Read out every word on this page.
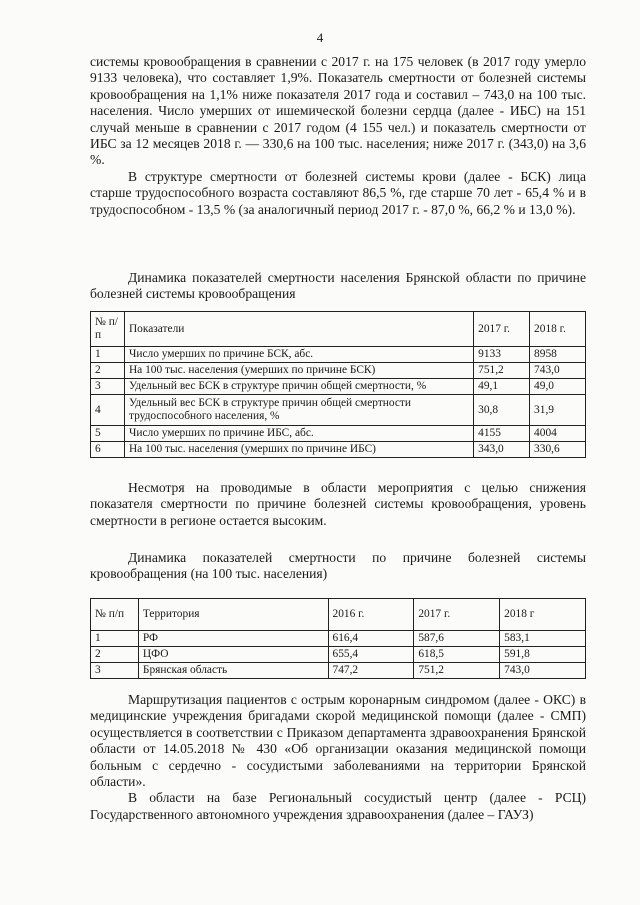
4

системы кровообращения в сравнении с 2017 г. на 175 человек (в 2017 году умерло 9133 человека), что составляет 1,9%. Показатель смертности от болезней системы кровообращения на 1,1% ниже показателя 2017 года и составил – 743,0 на 100 тыс. населения. Число умерших от ишемической болезни сердца (далее - ИБС) на 151 случай меньше в сравнении с 2017 годом (4 155 чел.) и показатель смертности от ИБС за 12 месяцев 2018 г. — 330,6 на 100 тыс. населения; ниже 2017 г. (343,0) на 3,6 %.

В структуре смертности от болезней системы крови (далее - БСК) лица старше трудоспособного возраста составляют 86,5 %, где старше 70 лет - 65,4 % и в трудоспособном - 13,5 % (за аналогичный период 2017 г. - 87,0 %, 66,2 % и 13,0 %).

Динамика показателей смертности населения Брянской области по причине болезней системы кровообращения

№ п/п	Показатели	2017 г.	2018 г.
1	Число умерших по причине БСК, абс.	9133	8958
2	На 100 тыс. населения (умерших по причине БСК)	751,2	743,0
3	Удельный вес БСК в структуре причин общей смертности, %	49,1	49,0
4	Удельный вес БСК в структуре причин общей смертности трудоспособного населения, %	30,8	31,9
5	Число умерших по причине ИБС, абс.	4155	4004
6	На 100 тыс. населения (умерших по причине ИБС)	343,0	330,6

Несмотря на проводимые в области мероприятия с целью снижения показателя смертности по причине болезней системы кровообращения, уровень смертности в регионе остается высоким.

Динамика показателей смертности по причине болезней системы кровообращения (на 100 тыс. населения)

№ п/п	Территория	2016 г.	2017 г.	2018 г
1	РФ	616,4	587,6	583,1
2	ЦФО	655,4	618,5	591,8
3	Брянская область	747,2	751,2	743,0

Маршрутизация пациентов с острым коронарным синдромом (далее - ОКС) в медицинские учреждения бригадами скорой медицинской помощи (далее - СМП) осуществляется в соответствии с Приказом департамента здравоохранения Брянской области от 14.05.2018 № 430 «Об организации оказания медицинской помощи больным с сердечно - сосудистыми заболеваниями на территории Брянской области».

В области на базе Региональный сосудистый центр (далее - РСЦ) Государственного автономного учреждения здравоохранения (далее – ГАУЗ)
